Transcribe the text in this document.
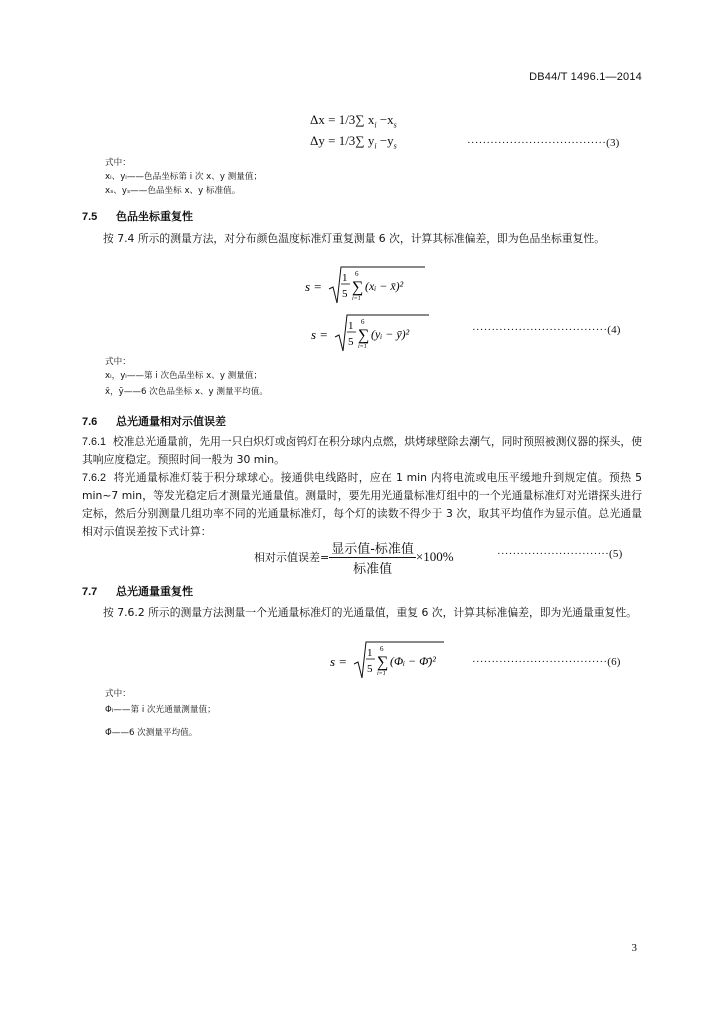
DB44/T 1496.1—2014
Δx = 1/3∑ $x_i -x_s$
Δy = 1/3∑ $y_i -y_s$	····································(3)
式中：
xᵢ、yᵢ——色品坐标第 i 次 x、y 测量值；
xₛ、yₛ——色品坐标 x、y 标准值。
7.5 色品坐标重复性
按 7.4 所示的测量方法，对分布颜色温度标准灯重复测量 6 次，计算其标准偏差，即为色品坐标重复性。
s =
1
5
6
∑
i=1
(xᵢ − x̄)²
s =
1
5
6
∑
i=1
(yᵢ − ȳ)²	···································(4)
式中：
xᵢ，yᵢ——第 i 次色品坐标 x、y 测量值；
x̄，ȳ——6 次色品坐标 x、y 测量平均值。
7.6 总光通量相对示值误差
7.6.1 校准总光通量前，先用一只白炽灯或卤钨灯在积分球内点燃，烘烤球壁除去潮气，同时预照被测仪器的探头，使其响应度稳定。预照时间一般为 30 min。
7.6.2 将光通量标准灯装于积分球球心。接通供电线路时，应在 1 min 内将电流或电压平缓地升到规定值。预热 5 min~7 min，等发光稳定后才测量光通量值。测量时，要先用光通量标准灯组中的一个光通量标准灯对光谱探头进行定标，然后分别测量几组功率不同的光通量标准灯，每个灯的读数不得少于 3 次，取其平均值作为显示值。总光通量相对示值误差按下式计算：
相对示值误差= $\frac{\text{显示值-标准值}}{\text{标准值}} \times 100\%$	·····························(5)
7.7 总光通量重复性
按 7.6.2 所示的测量方法测量一个光通量标准灯的光通量值，重复 6 次，计算其标准偏差，即为光通量重复性。
s =
1
5
6
∑
i=1
(Φᵢ − Φ̄)²	···································(6)
式中：
Φᵢ——第 i 次光通量测量值；
Φ̄——6 次测量平均值。
3
